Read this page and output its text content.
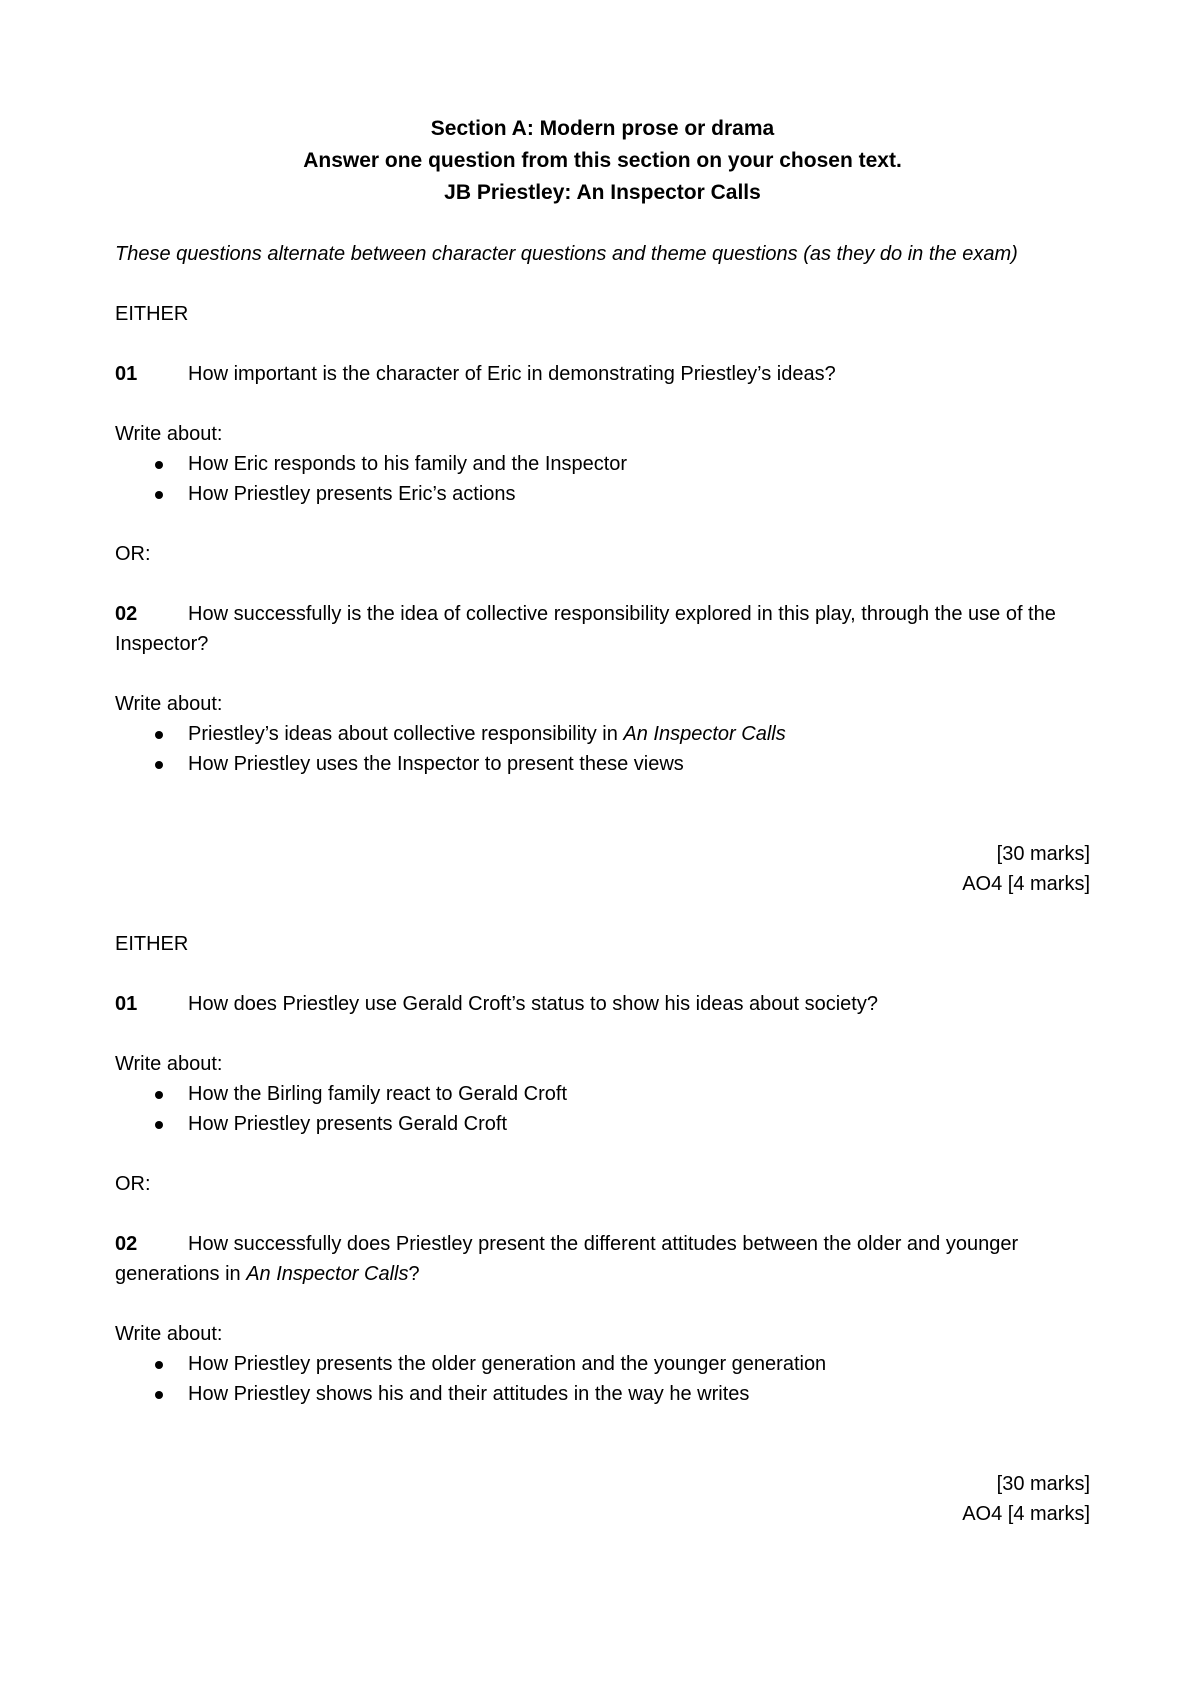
Section A: Modern prose or drama

Answer one question from this section on your chosen text.

JB Priestley: An Inspector Calls

These questions alternate between character questions and theme questions (as they do in the exam)

EITHER

01	How important is the character of Eric in demonstrating Priestley’s ideas?

Write about:

How Eric responds to his family and the Inspector
How Priestley presents Eric’s actions

OR:

02	How successfully is the idea of collective responsibility explored in this play, through the use of the Inspector?

Write about:

Priestley’s ideas about collective responsibility in An Inspector Calls
How Priestley uses the Inspector to present these views

[30 marks]

AO4 [4 marks]

EITHER

01	How does Priestley use Gerald Croft’s status to show his ideas about society?

Write about:

How the Birling family react to Gerald Croft
How Priestley presents Gerald Croft

OR:

02	How successfully does Priestley present the different attitudes between the older and younger generations in An Inspector Calls?

Write about:

How Priestley presents the older generation and the younger generation
How Priestley shows his and their attitudes in the way he writes

[30 marks]

AO4 [4 marks]
